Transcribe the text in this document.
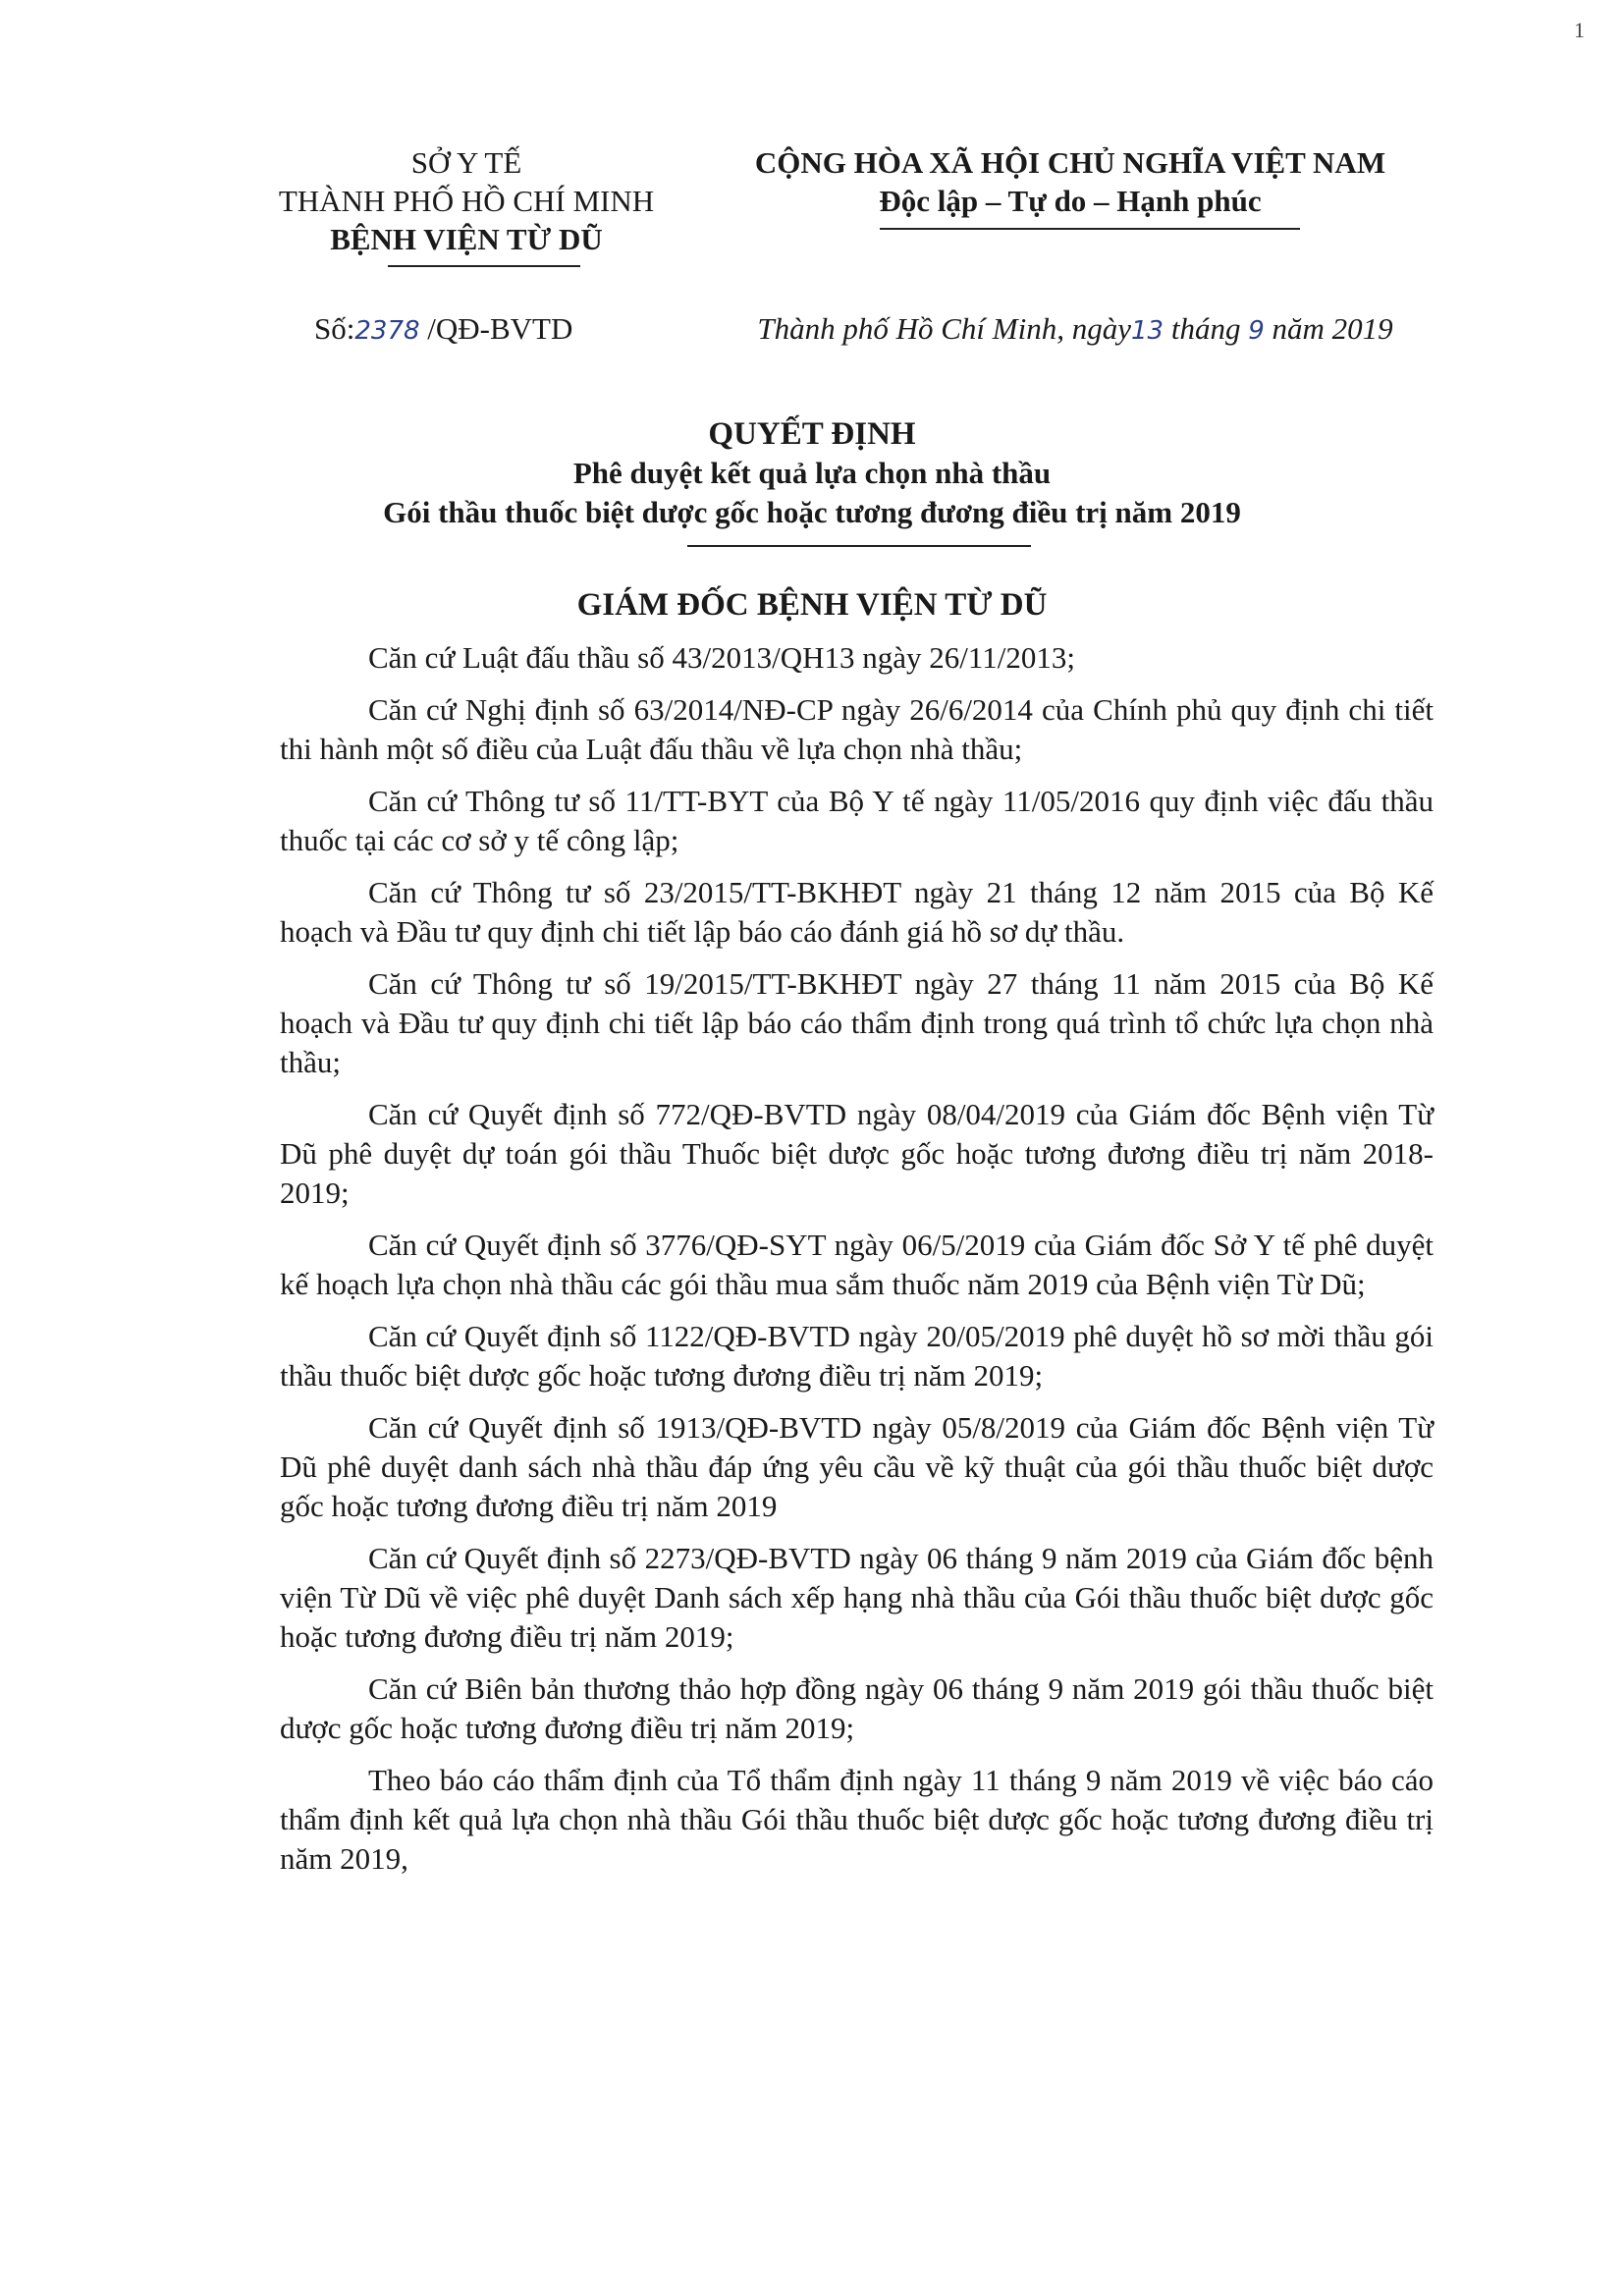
1
SỞ Y TẾ
THÀNH PHỐ HỒ CHÍ MINH
BỆNH VIỆN TỪ DŨ
CỘNG HÒA XÃ HỘI CHỦ NGHĨA VIỆT NAM
Độc lập – Tự do – Hạnh phúc
Số:2378 /QĐ-BVTD	Thành phố Hồ Chí Minh, ngày13 tháng 9 năm 2019
QUYẾT ĐỊNH
Phê duyệt kết quả lựa chọn nhà thầu
Gói thầu thuốc biệt dược gốc hoặc tương đương điều trị năm 2019
GIÁM ĐỐC BỆNH VIỆN TỪ DŨ

Căn cứ Luật đấu thầu số 43/2013/QH13 ngày 26/11/2013;

Căn cứ Nghị định số 63/2014/NĐ-CP ngày 26/6/2014 của Chính phủ quy định chi tiết thi hành một số điều của Luật đấu thầu về lựa chọn nhà thầu;

Căn cứ Thông tư số 11/TT-BYT của Bộ Y tế ngày 11/05/2016 quy định việc đấu thầu thuốc tại các cơ sở y tế công lập;

Căn cứ Thông tư số 23/2015/TT-BKHĐT ngày 21 tháng 12 năm 2015 của Bộ Kế hoạch và Đầu tư quy định chi tiết lập báo cáo đánh giá hồ sơ dự thầu.

Căn cứ Thông tư số 19/2015/TT-BKHĐT ngày 27 tháng 11 năm 2015 của Bộ Kế hoạch và Đầu tư quy định chi tiết lập báo cáo thẩm định trong quá trình tổ chức lựa chọn nhà thầu;

Căn cứ Quyết định số 772/QĐ-BVTD ngày 08/04/2019 của Giám đốc Bệnh viện Từ Dũ phê duyệt dự toán gói thầu Thuốc biệt dược gốc hoặc tương đương điều trị năm 2018-2019;

Căn cứ Quyết định số 3776/QĐ-SYT ngày 06/5/2019 của Giám đốc Sở Y tế phê duyệt kế hoạch lựa chọn nhà thầu các gói thầu mua sắm thuốc năm 2019 của Bệnh viện Từ Dũ;

Căn cứ Quyết định số 1122/QĐ-BVTD ngày 20/05/2019 phê duyệt hồ sơ mời thầu gói thầu thuốc biệt dược gốc hoặc tương đương điều trị năm 2019;

Căn cứ Quyết định số 1913/QĐ-BVTD ngày 05/8/2019 của Giám đốc Bệnh viện Từ Dũ phê duyệt danh sách nhà thầu đáp ứng yêu cầu về kỹ thuật của gói thầu thuốc biệt dược gốc hoặc tương đương điều trị năm 2019

Căn cứ Quyết định số 2273/QĐ-BVTD ngày 06 tháng 9 năm 2019 của Giám đốc bệnh viện Từ Dũ về việc phê duyệt Danh sách xếp hạng nhà thầu của Gói thầu thuốc biệt dược gốc hoặc tương đương điều trị năm 2019;

Căn cứ Biên bản thương thảo hợp đồng ngày 06 tháng 9 năm 2019 gói thầu thuốc biệt dược gốc hoặc tương đương điều trị năm 2019;

Theo báo cáo thẩm định của Tổ thẩm định ngày 11 tháng 9 năm 2019 về việc báo cáo thẩm định kết quả lựa chọn nhà thầu Gói thầu thuốc biệt dược gốc hoặc tương đương điều trị năm 2019,
